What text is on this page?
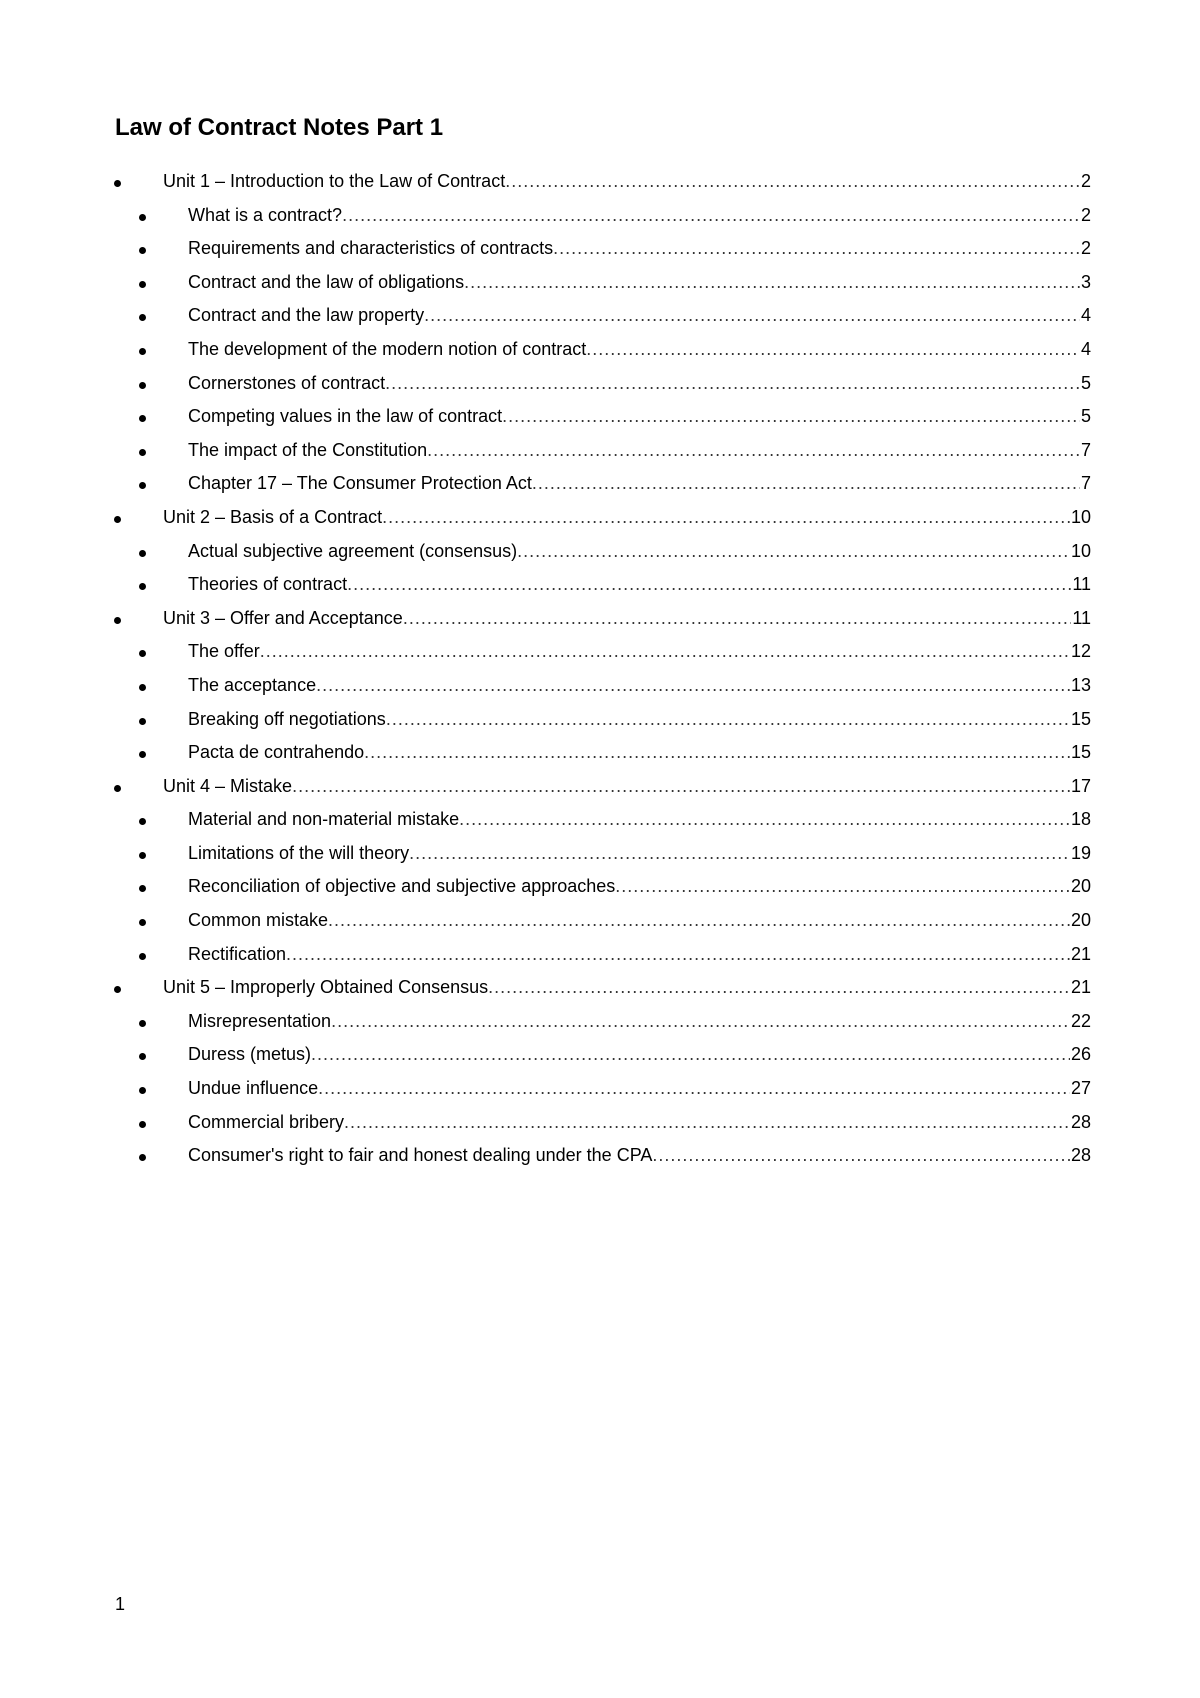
Law of Contract Notes Part 1
Unit 1 – Introduction to the Law of Contract .....	2
What is a contract? .....	2
Requirements and characteristics of contracts .....	2
Contract and the law of obligations .....	3
Contract and the law property .....	4
The development of the modern notion of contract .....	4
Cornerstones of contract .....	5
Competing values in the law of contract .....	5
The impact of the Constitution .....	7
Chapter 17 – The Consumer Protection Act .....	7
Unit 2 – Basis of a Contract .....	10
Actual subjective agreement (consensus) .....	10
Theories of contract .....	11
Unit 3 – Offer and Acceptance .....	11
The offer .....	12
The acceptance .....	13
Breaking off negotiations .....	15
Pacta de contrahendo .....	15
Unit 4 – Mistake .....	17
Material and non-material mistake .....	18
Limitations of the will theory .....	19
Reconciliation of objective and subjective approaches .....	20
Common mistake .....	20
Rectification .....	21
Unit 5 – Improperly Obtained Consensus .....	21
Misrepresentation .....	22
Duress (metus) .....	26
Undue influence .....	27
Commercial bribery .....	28
Consumer's right to fair and honest dealing under the CPA .....	28
1
